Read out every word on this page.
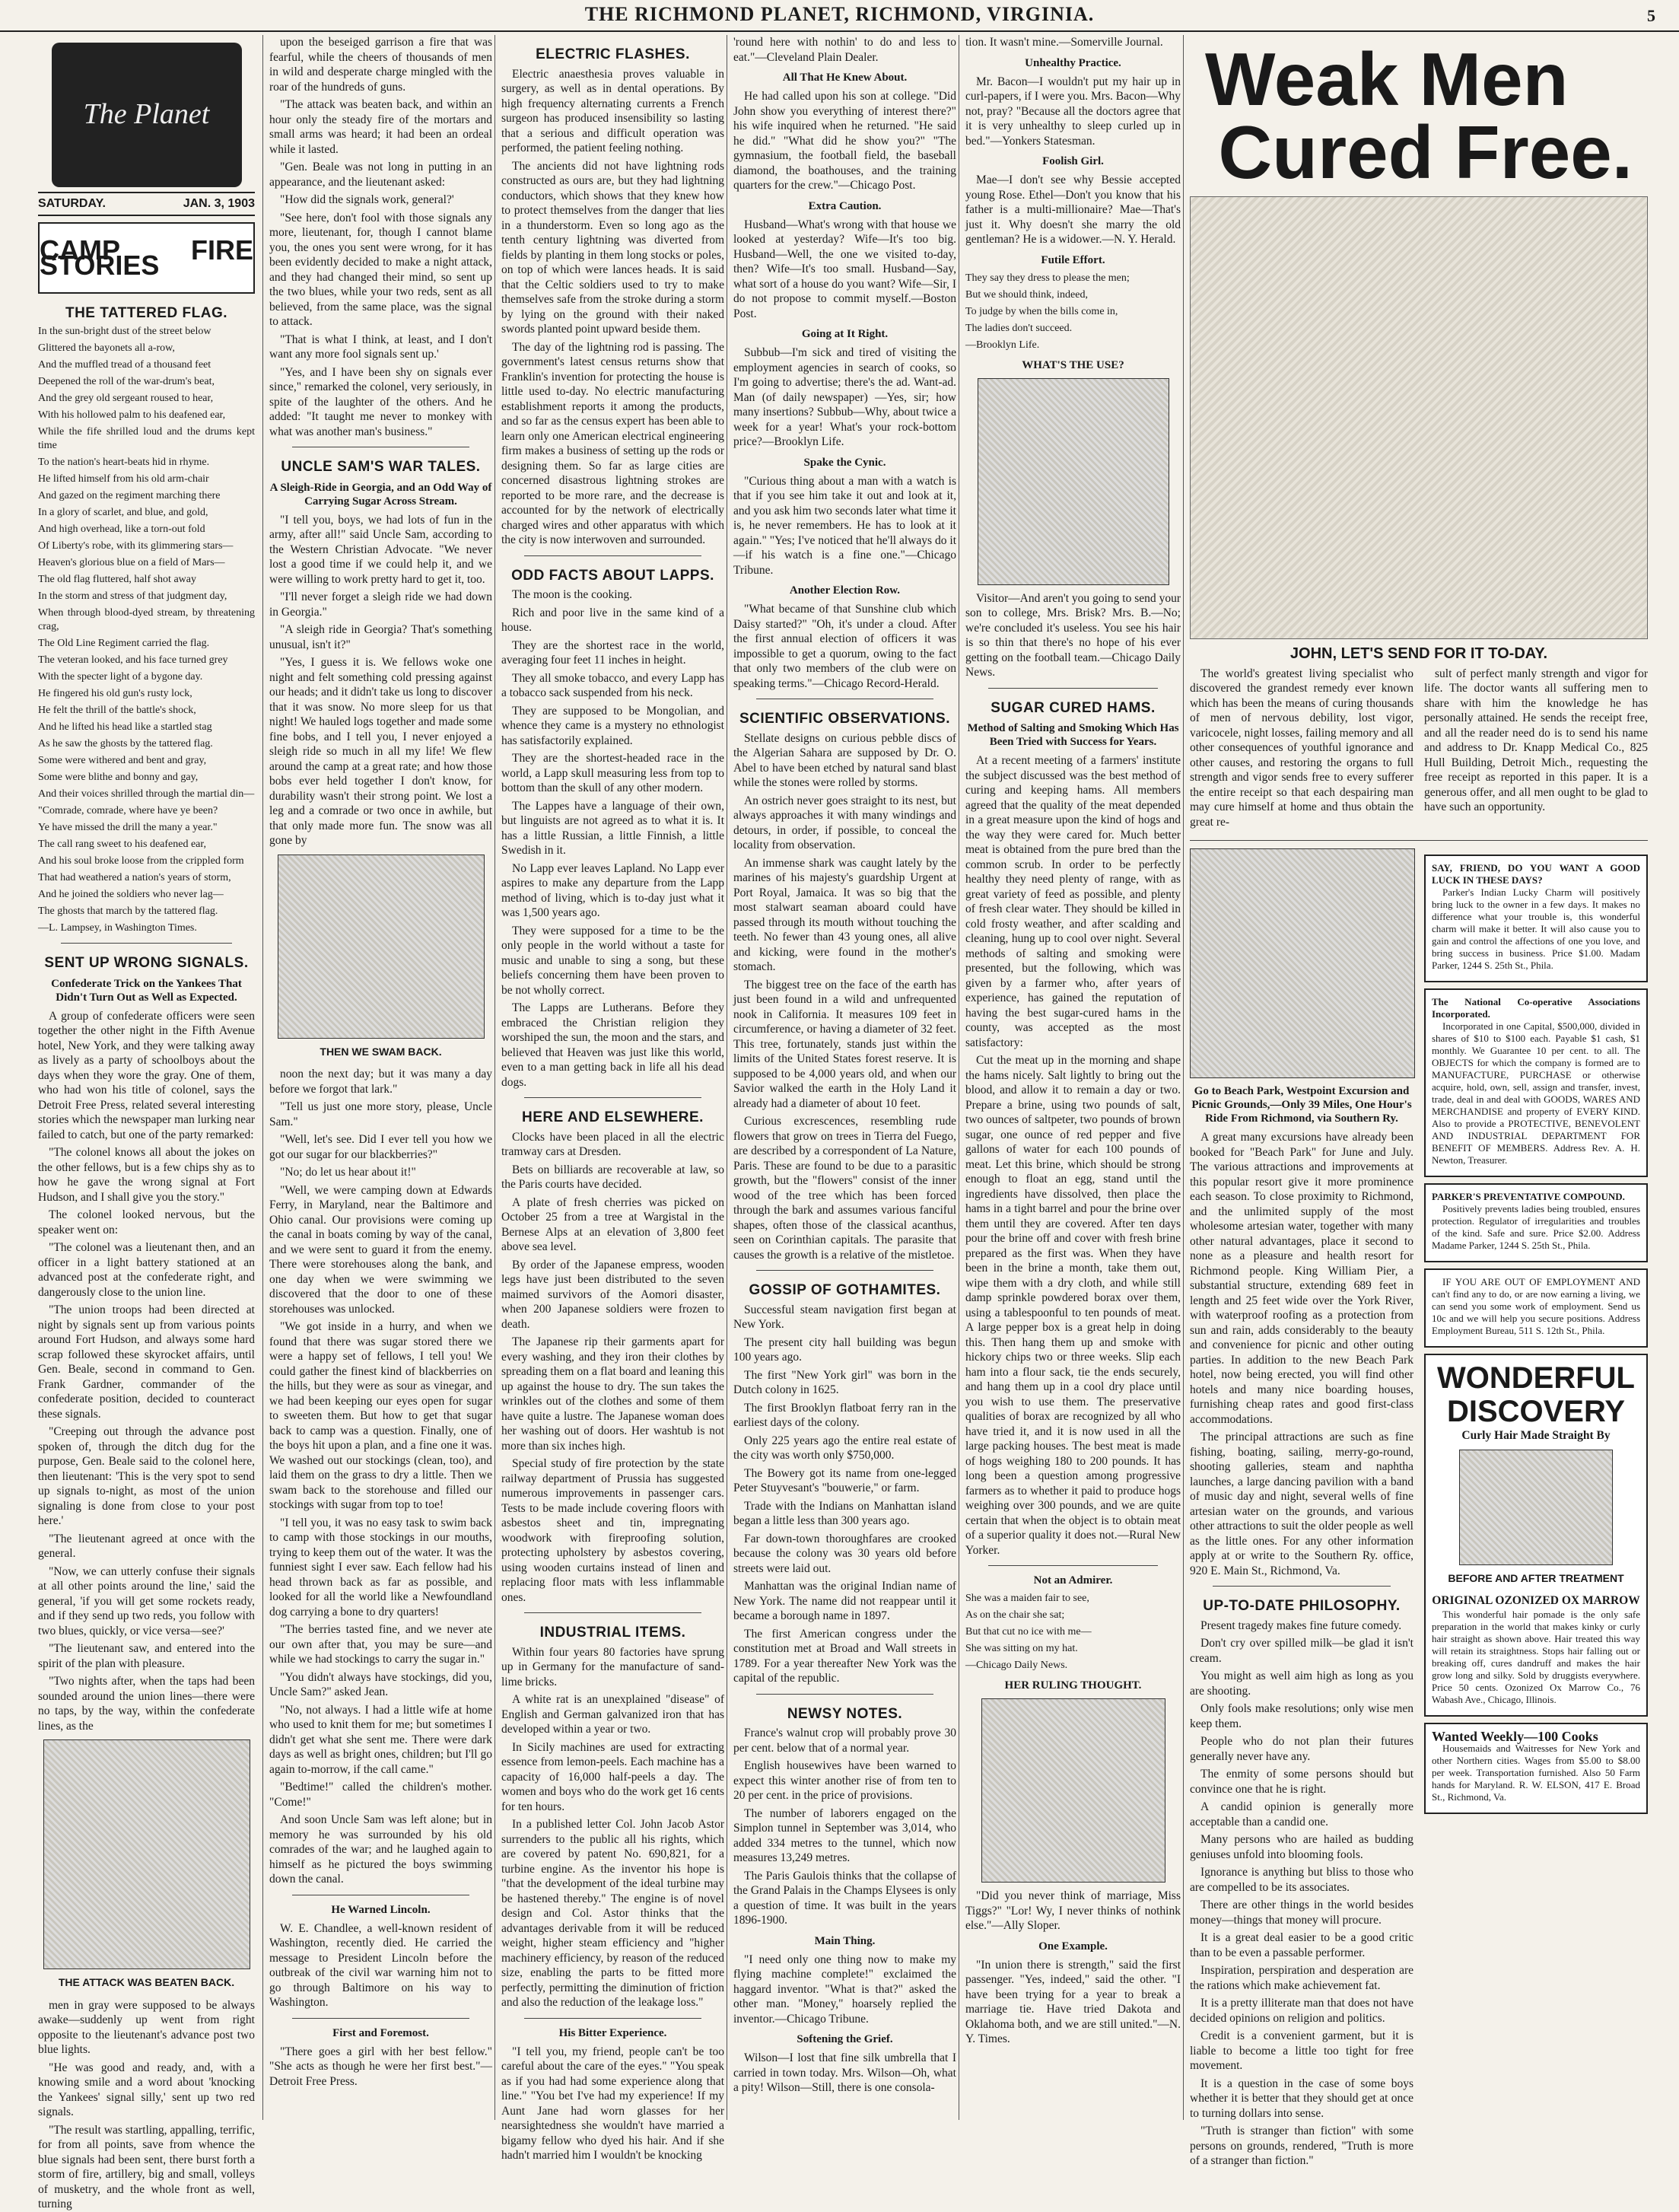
THE RICHMOND PLANET, RICHMOND, VIRGINIA.	5
The Planet
SATURDAY.	JAN. 3, 1903
CAMP FIRE STORIES
THE TATTERED FLAG.

In the sun-bright dust of the street below

Glittered the bayonets all a-row,

And the muffled tread of a thousand feet

Deepened the roll of the war-drum's beat,

And the grey old sergeant roused to hear,

With his hollowed palm to his deafened ear,

While the fife shrilled loud and the drums kept time

To the nation's heart-beats hid in rhyme.

He lifted himself from his old arm-chair

And gazed on the regiment marching there

In a glory of scarlet, and blue, and gold,

And high overhead, like a torn-out fold

Of Liberty's robe, with its glimmering stars—

Heaven's glorious blue on a field of Mars—

The old flag fluttered, half shot away

In the storm and stress of that judgment day,

When through blood-dyed stream, by threatening crag,

The Old Line Regiment carried the flag.

The veteran looked, and his face turned grey

With the specter light of a bygone day.

He fingered his old gun's rusty lock,

He felt the thrill of the battle's shock,

And he lifted his head like a startled stag

As he saw the ghosts by the tattered flag.

Some were withered and bent and gray,

Some were blithe and bonny and gay,

And their voices shrilled through the martial din—

"Comrade, comrade, where have ye been?

Ye have missed the drill the many a year."

The call rang sweet to his deafened ear,

And his soul broke loose from the crippled form

That had weathered a nation's years of storm,

And he joined the soldiers who never lag—

The ghosts that march by the tattered flag.

—L. Lampsey, in Washington Times.

SENT UP WRONG SIGNALS.
Confederate Trick on the Yankees That Didn't Turn Out as Well as Expected.

A group of confederate officers were seen together the other night in the Fifth Avenue hotel, New York, and they were talking away as lively as a party of schoolboys about the days when they wore the gray. One of them, who had won his title of colonel, says the Detroit Free Press, related several interesting stories which the newspaper man lurking near failed to catch, but one of the party remarked:

"The colonel knows all about the jokes on the other fellows, but is a few chips shy as to how he gave the wrong signal at Fort Hudson, and I shall give you the story."

The colonel looked nervous, but the speaker went on:

"The colonel was a lieutenant then, and an officer in a light battery stationed at an advanced post at the confederate right, and dangerously close to the union line.

"The union troops had been directed at night by signals sent up from various points around Fort Hudson, and always some hard scrap followed these skyrocket affairs, until Gen. Beale, second in command to Gen. Frank Gardner, commander of the confederate position, decided to counteract these signals.

"Creeping out through the advance post spoken of, through the ditch dug for the purpose, Gen. Beale said to the colonel here, then lieutenant: 'This is the very spot to send up signals to-night, as most of the union signaling is done from close to your post here.'

"The lieutenant agreed at once with the general.

"Now, we can utterly confuse their signals at all other points around the line,' said the general, 'if you will get some rockets ready, and if they send up two reds, you follow with two blues, quickly, or vice versa—see?'

"The lieutenant saw, and entered into the spirit of the plan with pleasure.

"Two nights after, when the taps had been sounded around the union lines—there were no taps, by the way, within the confederate lines, as the

THE ATTACK WAS BEATEN BACK.

men in gray were supposed to be always awake—suddenly up went from right opposite to the lieutenant's advance post two blue lights.

"He was good and ready, and, with a knowing smile and a word about 'knocking the Yankees' signal silly,' sent up two red signals.

"The result was startling, appalling, terrific, for from all points, save from whence the blue signals had been sent, there burst forth a storm of fire, artillery, big and small, volleys of musketry, and the whole front as well, turning

upon the beseiged garrison a fire that was fearful, while the cheers of thousands of men in wild and desperate charge mingled with the roar of the hundreds of guns.

"The attack was beaten back, and within an hour only the steady fire of the mortars and small arms was heard; it had been an ordeal while it lasted.

"Gen. Beale was not long in putting in an appearance, and the lieutenant asked:

"How did the signals work, general?'

"See here, don't fool with those signals any more, lieutenant, for, though I cannot blame you, the ones you sent were wrong, for it has been evidently decided to make a night attack, and they had changed their mind, so sent up the two blues, while your two reds, sent as all believed, from the same place, was the signal to attack.

"That is what I think, at least, and I don't want any more fool signals sent up.'

"Yes, and I have been shy on signals ever since," remarked the colonel, very seriously, in spite of the laughter of the others. And he added: "It taught me never to monkey with what was another man's business."

UNCLE SAM'S WAR TALES.
A Sleigh-Ride in Georgia, and an Odd Way of Carrying Sugar Across Stream.

"I tell you, boys, we had lots of fun in the army, after all!" said Uncle Sam, according to the Western Christian Advocate. "We never lost a good time if we could help it, and we were willing to work pretty hard to get it, too.

"I'll never forget a sleigh ride we had down in Georgia."

"A sleigh ride in Georgia? That's something unusual, isn't it?"

"Yes, I guess it is. We fellows woke one night and felt something cold pressing against our heads; and it didn't take us long to discover that it was snow. No more sleep for us that night! We hauled logs together and made some fine bobs, and I tell you, I never enjoyed a sleigh ride so much in all my life! We flew around the camp at a great rate; and how those bobs ever held together I don't know, for durability wasn't their strong point. We lost a leg and a comrade or two once in awhile, but that only made more fun. The snow was all gone by

THEN WE SWAM BACK.

noon the next day; but it was many a day before we forgot that lark."

"Tell us just one more story, please, Uncle Sam."

"Well, let's see. Did I ever tell you how we got our sugar for our blackberries?"

"No; do let us hear about it!"

"Well, we were camping down at Edwards Ferry, in Maryland, near the Baltimore and Ohio canal. Our provisions were coming up the canal in boats coming by way of the canal, and we were sent to guard it from the enemy. There were storehouses along the bank, and one day when we were swimming we discovered that the door to one of these storehouses was unlocked.

"We got inside in a hurry, and when we found that there was sugar stored there we were a happy set of fellows, I tell you! We could gather the finest kind of blackberries on the hills, but they were as sour as vinegar, and we had been keeping our eyes open for sugar to sweeten them. But how to get that sugar back to camp was a question. Finally, one of the boys hit upon a plan, and a fine one it was. We washed out our stockings (clean, too), and laid them on the grass to dry a little. Then we swam back to the storehouse and filled our stockings with sugar from top to toe!

"I tell you, it was no easy task to swim back to camp with those stockings in our mouths, trying to keep them out of the water. It was the funniest sight I ever saw. Each fellow had his head thrown back as far as possible, and looked for all the world like a Newfoundland dog carrying a bone to dry quarters!

"The berries tasted fine, and we never ate our own after that, you may be sure—and while we had stockings to carry the sugar in."

"You didn't always have stockings, did you, Uncle Sam?" asked Jean.

"No, not always. I had a little wife at home who used to knit them for me; but sometimes I didn't get what she sent me. There were dark days as well as bright ones, children; but I'll go again to-morrow, if the call came."

"Bedtime!" called the children's mother. "Come!"

And soon Uncle Sam was left alone; but in memory he was surrounded by his old comrades of the war; and he laughed again to himself as he pictured the boys swimming down the canal.

He Warned Lincoln.

W. E. Chandlee, a well-known resident of Washington, recently died. He carried the message to President Lincoln before the outbreak of the civil war warning him not to go through Baltimore on his way to Washington.

First and Foremost.

"There goes a girl with her best fellow." "She acts as though he were her first best."—Detroit Free Press.

ELECTRIC FLASHES.

Electric anaesthesia proves valuable in surgery, as well as in dental operations. By high frequency alternating currents a French surgeon has produced insensibility so lasting that a serious and difficult operation was performed, the patient feeling nothing.

The ancients did not have lightning rods constructed as ours are, but they had lightning conductors, which shows that they knew how to protect themselves from the danger that lies in a thunderstorm. Even so long ago as the tenth century lightning was diverted from fields by planting in them long stocks or poles, on top of which were lances heads. It is said that the Celtic soldiers used to try to make themselves safe from the stroke during a storm by lying on the ground with their naked swords planted point upward beside them.

The day of the lightning rod is passing. The government's latest census returns show that Franklin's invention for protecting the house is little used to-day. No electric manufacturing establishment reports it among the products, and so far as the census expert has been able to learn only one American electrical engineering firm makes a business of setting up the rods or designing them. So far as large cities are concerned disastrous lightning strokes are reported to be more rare, and the decrease is accounted for by the network of electrically charged wires and other apparatus with which the city is now interwoven and surrounded.

ODD FACTS ABOUT LAPPS.

The moon is the cooking.

Rich and poor live in the same kind of a house.

They are the shortest race in the world, averaging four feet 11 inches in height.

They all smoke tobacco, and every Lapp has a tobacco sack suspended from his neck.

They are supposed to be Mongolian, and whence they came is a mystery no ethnologist has satisfactorily explained.

They are the shortest-headed race in the world, a Lapp skull measuring less from top to bottom than the skull of any other modern.

The Lappes have a language of their own, but linguists are not agreed as to what it is. It has a little Russian, a little Finnish, a little Swedish in it.

No Lapp ever leaves Lapland. No Lapp ever aspires to make any departure from the Lapp method of living, which is to-day just what it was 1,500 years ago.

They were supposed for a time to be the only people in the world without a taste for music and unable to sing a song, but these beliefs concerning them have been proven to be not wholly correct.

The Lapps are Lutherans. Before they embraced the Christian religion they worshiped the sun, the moon and the stars, and believed that Heaven was just like this world, even to a man getting back in life all his dead dogs.

HERE AND ELSEWHERE.

Clocks have been placed in all the electric tramway cars at Dresden.

Bets on billiards are recoverable at law, so the Paris courts have decided.

A plate of fresh cherries was picked on October 25 from a tree at Wargistal in the Bernese Alps at an elevation of 3,800 feet above sea level.

By order of the Japanese empress, wooden legs have just been distributed to the seven maimed survivors of the Aomori disaster, when 200 Japanese soldiers were frozen to death.

The Japanese rip their garments apart for every washing, and they iron their clothes by spreading them on a flat board and leaning this up against the house to dry. The sun takes the wrinkles out of the clothes and some of them have quite a lustre. The Japanese woman does her washing out of doors. Her washtub is not more than six inches high.

Special study of fire protection by the state railway department of Prussia has suggested numerous improvements in passenger cars. Tests to be made include covering floors with asbestos sheet and tin, impregnating woodwork with fireproofing solution, protecting upholstery by asbestos covering, using wooden curtains instead of linen and replacing floor mats with less inflammable ones.

INDUSTRIAL ITEMS.

Within four years 80 factories have sprung up in Germany for the manufacture of sand-lime bricks.

A white rat is an unexplained "disease" of English and German galvanized iron that has developed within a year or two.

In Sicily machines are used for extracting essence from lemon-peels. Each machine has a capacity of 16,000 half-peels a day. The women and boys who do the work get 16 cents for ten hours.

In a published letter Col. John Jacob Astor surrenders to the public all his rights, which are covered by patent No. 690,821, for a turbine engine. As the inventor his hope is "that the development of the ideal turbine may be hastened thereby." The engine is of novel design and Col. Astor thinks that the advantages derivable from it will be reduced weight, higher steam efficiency and "higher machinery efficiency, by reason of the reduced size, enabling the parts to be fitted more perfectly, permitting the diminution of friction and also the reduction of the leakage loss."

His Bitter Experience.

"I tell you, my friend, people can't be too careful about the care of the eyes." "You speak as if you had had some experience along that line." "You bet I've had my experience! If my Aunt Jane had worn glasses for her nearsightedness she wouldn't have married a bigamy fellow who dyed his hair. And if she hadn't married him I wouldn't be knocking

'round here with nothin' to do and less to eat."—Cleveland Plain Dealer.

All That He Knew About.

He had called upon his son at college. "Did John show you everything of interest there?" his wife inquired when he returned. "He said he did." "What did he show you?" "The gymnasium, the football field, the baseball diamond, the boathouses, and the training quarters for the crew."—Chicago Post.

Extra Caution.

Husband—What's wrong with that house we looked at yesterday? Wife—It's too big. Husband—Well, the one we visited to-day, then? Wife—It's too small. Husband—Say, what sort of a house do you want? Wife—Sir, I do not propose to commit myself.—Boston Post.

Going at It Right.

Subbub—I'm sick and tired of visiting the employment agencies in search of cooks, so I'm going to advertise; there's the ad. Want-ad. Man (of daily newspaper) —Yes, sir; how many insertions? Subbub—Why, about twice a week for a year! What's your rock-bottom price?—Brooklyn Life.

Spake the Cynic.

"Curious thing about a man with a watch is that if you see him take it out and look at it, and you ask him two seconds later what time it is, he never remembers. He has to look at it again." "Yes; I've noticed that he'll always do it—if his watch is a fine one."—Chicago Tribune.

Another Election Row.

"What became of that Sunshine club which Daisy started?" "Oh, it's under a cloud. After the first annual election of officers it was impossible to get a quorum, owing to the fact that only two members of the club were on speaking terms."—Chicago Record-Herald.

SCIENTIFIC OBSERVATIONS.

Stellate designs on curious pebble discs of the Algerian Sahara are supposed by Dr. O. Abel to have been etched by natural sand blast while the stones were rolled by storms.

An ostrich never goes straight to its nest, but always approaches it with many windings and detours, in order, if possible, to conceal the locality from observation.

An immense shark was caught lately by the marines of his majesty's guardship Urgent at Port Royal, Jamaica. It was so big that the most stalwart seaman aboard could have passed through its mouth without touching the teeth. No fewer than 43 young ones, all alive and kicking, were found in the mother's stomach.

The biggest tree on the face of the earth has just been found in a wild and unfrequented nook in California. It measures 109 feet in circumference, or having a diameter of 32 feet. This tree, fortunately, stands just within the limits of the United States forest reserve. It is supposed to be 4,000 years old, and when our Savior walked the earth in the Holy Land it already had a diameter of about 10 feet.

Curious excrescences, resembling rude flowers that grow on trees in Tierra del Fuego, are described by a correspondent of La Nature, Paris. These are found to be due to a parasitic growth, but the "flowers" consist of the inner wood of the tree which has been forced through the bark and assumes various fanciful shapes, often those of the classical acanthus, seen on Corinthian capitals. The parasite that causes the growth is a relative of the mistletoe.

GOSSIP OF GOTHAMITES.

Successful steam navigation first began at New York.

The present city hall building was begun 100 years ago.

The first "New York girl" was born in the Dutch colony in 1625.

The first Brooklyn flatboat ferry ran in the earliest days of the colony.

Only 225 years ago the entire real estate of the city was worth only $750,000.

The Bowery got its name from one-legged Peter Stuyvesant's "bouwerie," or farm.

Trade with the Indians on Manhattan island began a little less than 300 years ago.

Far down-town thoroughfares are crooked because the colony was 30 years old before streets were laid out.

Manhattan was the original Indian name of New York. The name did not reappear until it became a borough name in 1897.

The first American congress under the constitution met at Broad and Wall streets in 1789. For a year thereafter New York was the capital of the republic.

NEWSY NOTES.

France's walnut crop will probably prove 30 per cent. below that of a normal year.

English housewives have been warned to expect this winter another rise of from ten to 20 per cent. in the price of provisions.

The number of laborers engaged on the Simplon tunnel in September was 3,014, who added 334 metres to the tunnel, which now measures 13,249 metres.

The Paris Gaulois thinks that the collapse of the Grand Palais in the Champs Elysees is only a question of time. It was built in the years 1896-1900.

Main Thing.

"I need only one thing now to make my flying machine complete!" exclaimed the haggard inventor. "What is that?" asked the other man. "Money," hoarsely replied the inventor.—Chicago Tribune.

Softening the Grief.

Wilson—I lost that fine silk umbrella that I carried in town today. Mrs. Wilson—Oh, what a pity! Wilson—Still, there is one consola-

tion. It wasn't mine.—Somerville Journal.

Unhealthy Practice.

Mr. Bacon—I wouldn't put my hair up in curl-papers, if I were you. Mrs. Bacon—Why not, pray? "Because all the doctors agree that it is very unhealthy to sleep curled up in bed."—Yonkers Statesman.

Foolish Girl.

Mae—I don't see why Bessie accepted young Rose. Ethel—Don't you know that his father is a multi-millionaire? Mae—That's just it. Why doesn't she marry the old gentleman? He is a widower.—N. Y. Herald.

Futile Effort.

They say they dress to please the men;

But we should think, indeed,

To judge by when the bills come in,

The ladies don't succeed.

—Brooklyn Life.

WHAT'S THE USE?

Visitor—And aren't you going to send your son to college, Mrs. Brisk? Mrs. B.—No; we're concluded it's useless. You see his hair is so thin that there's no hope of his ever getting on the football team.—Chicago Daily News.

SUGAR CURED HAMS.
Method of Salting and Smoking Which Has Been Tried with Success for Years.

At a recent meeting of a farmers' institute the subject discussed was the best method of curing and keeping hams. All members agreed that the quality of the meat depended in a great measure upon the kind of hogs and the way they were cared for. Much better meat is obtained from the pure bred than the common scrub. In order to be perfectly healthy they need plenty of range, with as great variety of feed as possible, and plenty of fresh clear water. They should be killed in cold frosty weather, and after scalding and cleaning, hung up to cool over night. Several methods of salting and smoking were presented, but the following, which was given by a farmer who, after years of experience, has gained the reputation of having the best sugar-cured hams in the county, was accepted as the most satisfactory:

Cut the meat up in the morning and shape the hams nicely. Salt lightly to bring out the blood, and allow it to remain a day or two. Prepare a brine, using two pounds of salt, two ounces of saltpeter, two pounds of brown sugar, one ounce of red pepper and five gallons of water for each 100 pounds of meat. Let this brine, which should be strong enough to float an egg, stand until the ingredients have dissolved, then place the hams in a tight barrel and pour the brine over them until they are covered. After ten days pour the brine off and cover with fresh brine prepared as the first was. When they have been in the brine a month, take them out, wipe them with a dry cloth, and while still damp sprinkle powdered borax over them, using a tablespoonful to ten pounds of meat. A large pepper box is a great help in doing this. Then hang them up and smoke with hickory chips two or three weeks. Slip each ham into a flour sack, tie the ends securely, and hang them up in a cool dry place until you wish to use them. The preservative qualities of borax are recognized by all who have tried it, and it is now used in all the large packing houses. The best meat is made of hogs weighing 180 to 200 pounds. It has long been a question among progressive farmers as to whether it paid to produce hogs weighing over 300 pounds, and we are quite certain that when the object is to obtain meat of a superior quality it does not.—Rural New Yorker.

Not an Admirer.

She was a maiden fair to see,

As on the chair she sat;

But that cut no ice with me—

She was sitting on my hat.

—Chicago Daily News.

HER RULING THOUGHT.

"Did you never think of marriage, Miss Tiggs?" "Lor! Wy, I never thinks of nothink else."—Ally Sloper.

One Example.

"In union there is strength," said the first passenger. "Yes, indeed," said the other. "I have been trying for a year to break a marriage tie. Have tried Dakota and Oklahoma both, and we are still united."—N. Y. Times.

Weak Men
Cured Free.
JOHN, LET'S SEND FOR IT TO-DAY.

The world's greatest living specialist who discovered the grandest remedy ever known which has been the means of curing thousands of men of nervous debility, lost vigor, varicocele, night losses, failing memory and all other consequences of youthful ignorance and other causes, and restoring the organs to full strength and vigor sends free to every sufferer the entire receipt so that each despairing man may cure himself at home and thus obtain the great re-

sult of perfect manly strength and vigor for life. The doctor wants all suffering men to share with him the knowledge he has personally attained. He sends the receipt free, and all the reader need do is to send his name and address to Dr. Knapp Medical Co., 825 Hull Building, Detroit Mich., requesting the free receipt as reported in this paper. It is a generous offer, and all men ought to be glad to have such an opportunity.

Go to Beach Park, Westpoint Excursion and Picnic Grounds,—Only 39 Miles, One Hour's Ride From Richmond, via Southern Ry.

A great many excursions have already been booked for "Beach Park" for June and July. The various attractions and improvements at this popular resort give it more prominence each season. To close proximity to Richmond, and the unlimited supply of the most wholesome artesian water, together with many other natural advantages, place it second to none as a pleasure and health resort for Richmond people. King William Pier, a substantial structure, extending 689 feet in length and 25 feet wide over the York River, with waterproof roofing as a protection from sun and rain, adds considerably to the beauty and convenience for picnic and other outing parties. In addition to the new Beach Park hotel, now being erected, you will find other hotels and many nice boarding houses, furnishing cheap rates and good first-class accommodations.

The principal attractions are such as fine fishing, boating, sailing, merry-go-round, shooting galleries, steam and naphtha launches, a large dancing pavilion with a band of music day and night, several wells of fine artesian water on the grounds, and various other attractions to suit the older people as well as the little ones. For any other information apply at or write to the Southern Ry. office, 920 E. Main St., Richmond, Va.

UP-TO-DATE PHILOSOPHY.

Present tragedy makes fine future comedy.

Don't cry over spilled milk—be glad it isn't cream.

You might as well aim high as long as you are shooting.

Only fools make resolutions; only wise men keep them.

People who do not plan their futures generally never have any.

The enmity of some persons should but convince one that he is right.

A candid opinion is generally more acceptable than a candid one.

Many persons who are hailed as budding geniuses unfold into blooming fools.

Ignorance is anything but bliss to those who are compelled to be its associates.

There are other things in the world besides money—things that money will procure.

It is a great deal easier to be a good critic than to be even a passable performer.

Inspiration, perspiration and desperation are the rations which make achievement fat.

It is a pretty illiterate man that does not have decided opinions on religion and politics.

Credit is a convenient garment, but it is liable to become a little too tight for free movement.

It is a question in the case of some boys whether it is better that they should get at once to turning dollars into sense.

"Truth is stranger than fiction" with some persons on grounds, rendered, "Truth is more of a stranger than fiction."

SAY, FRIEND, DO YOU WANT A GOOD LUCK IN THESE DAYS?

Parker's Indian Lucky Charm will positively bring luck to the owner in a few days. It makes no difference what your trouble is, this wonderful charm will make it better. It will also cause you to gain and control the affections of one you love, and bring success in business. Price $1.00. Madam Parker, 1244 S. 25th St., Phila.

The National Co-operative Associations Incorporated.

Incorporated in one Capital, $500,000, divided in shares of $10 to $100 each. Payable $1 cash, $1 monthly. We Guarantee 10 per cent. to all. The OBJECTS for which the company is formed are to MANUFACTURE, PURCHASE or otherwise acquire, hold, own, sell, assign and transfer, invest, trade, deal in and deal with GOODS, WARES AND MERCHANDISE and property of EVERY KIND. Also to provide a PROTECTIVE, BENEVOLENT AND INDUSTRIAL DEPARTMENT FOR BENEFIT OF MEMBERS. Address Rev. A. H. Newton, Treasurer.

PARKER'S PREVENTATIVE COMPOUND.

Positively prevents ladies being troubled, ensures protection. Regulator of irregularities and troubles of the kind. Safe and sure. Price $2.00. Address Madame Parker, 1244 S. 25th St., Phila.

IF YOU ARE OUT OF EMPLOYMENT AND can't find any to do, or are now earning a living, we can send you some work of employment. Send us 10c and we will help you secure positions. Address Employment Bureau, 511 S. 12th St., Phila.

WONDERFUL DISCOVERY
Curly Hair Made Straight By
BEFORE AND AFTER TREATMENT
ORIGINAL OZONIZED OX MARROW

This wonderful hair pomade is the only safe preparation in the world that makes kinky or curly hair straight as shown above. Hair treated this way will retain its straightness. Stops hair falling out or breaking off, cures dandruff and makes the hair grow long and silky. Sold by druggists everywhere. Price 50 cents. Ozonized Ox Marrow Co., 76 Wabash Ave., Chicago, Illinois.

Wanted Weekly—100 Cooks

Housemaids and Waitresses for New York and other Northern cities. Wages from $5.00 to $8.00 per week. Transportation furnished. Also 50 Farm hands for Maryland. R. W. ELSON, 417 E. Broad St., Richmond, Va.
